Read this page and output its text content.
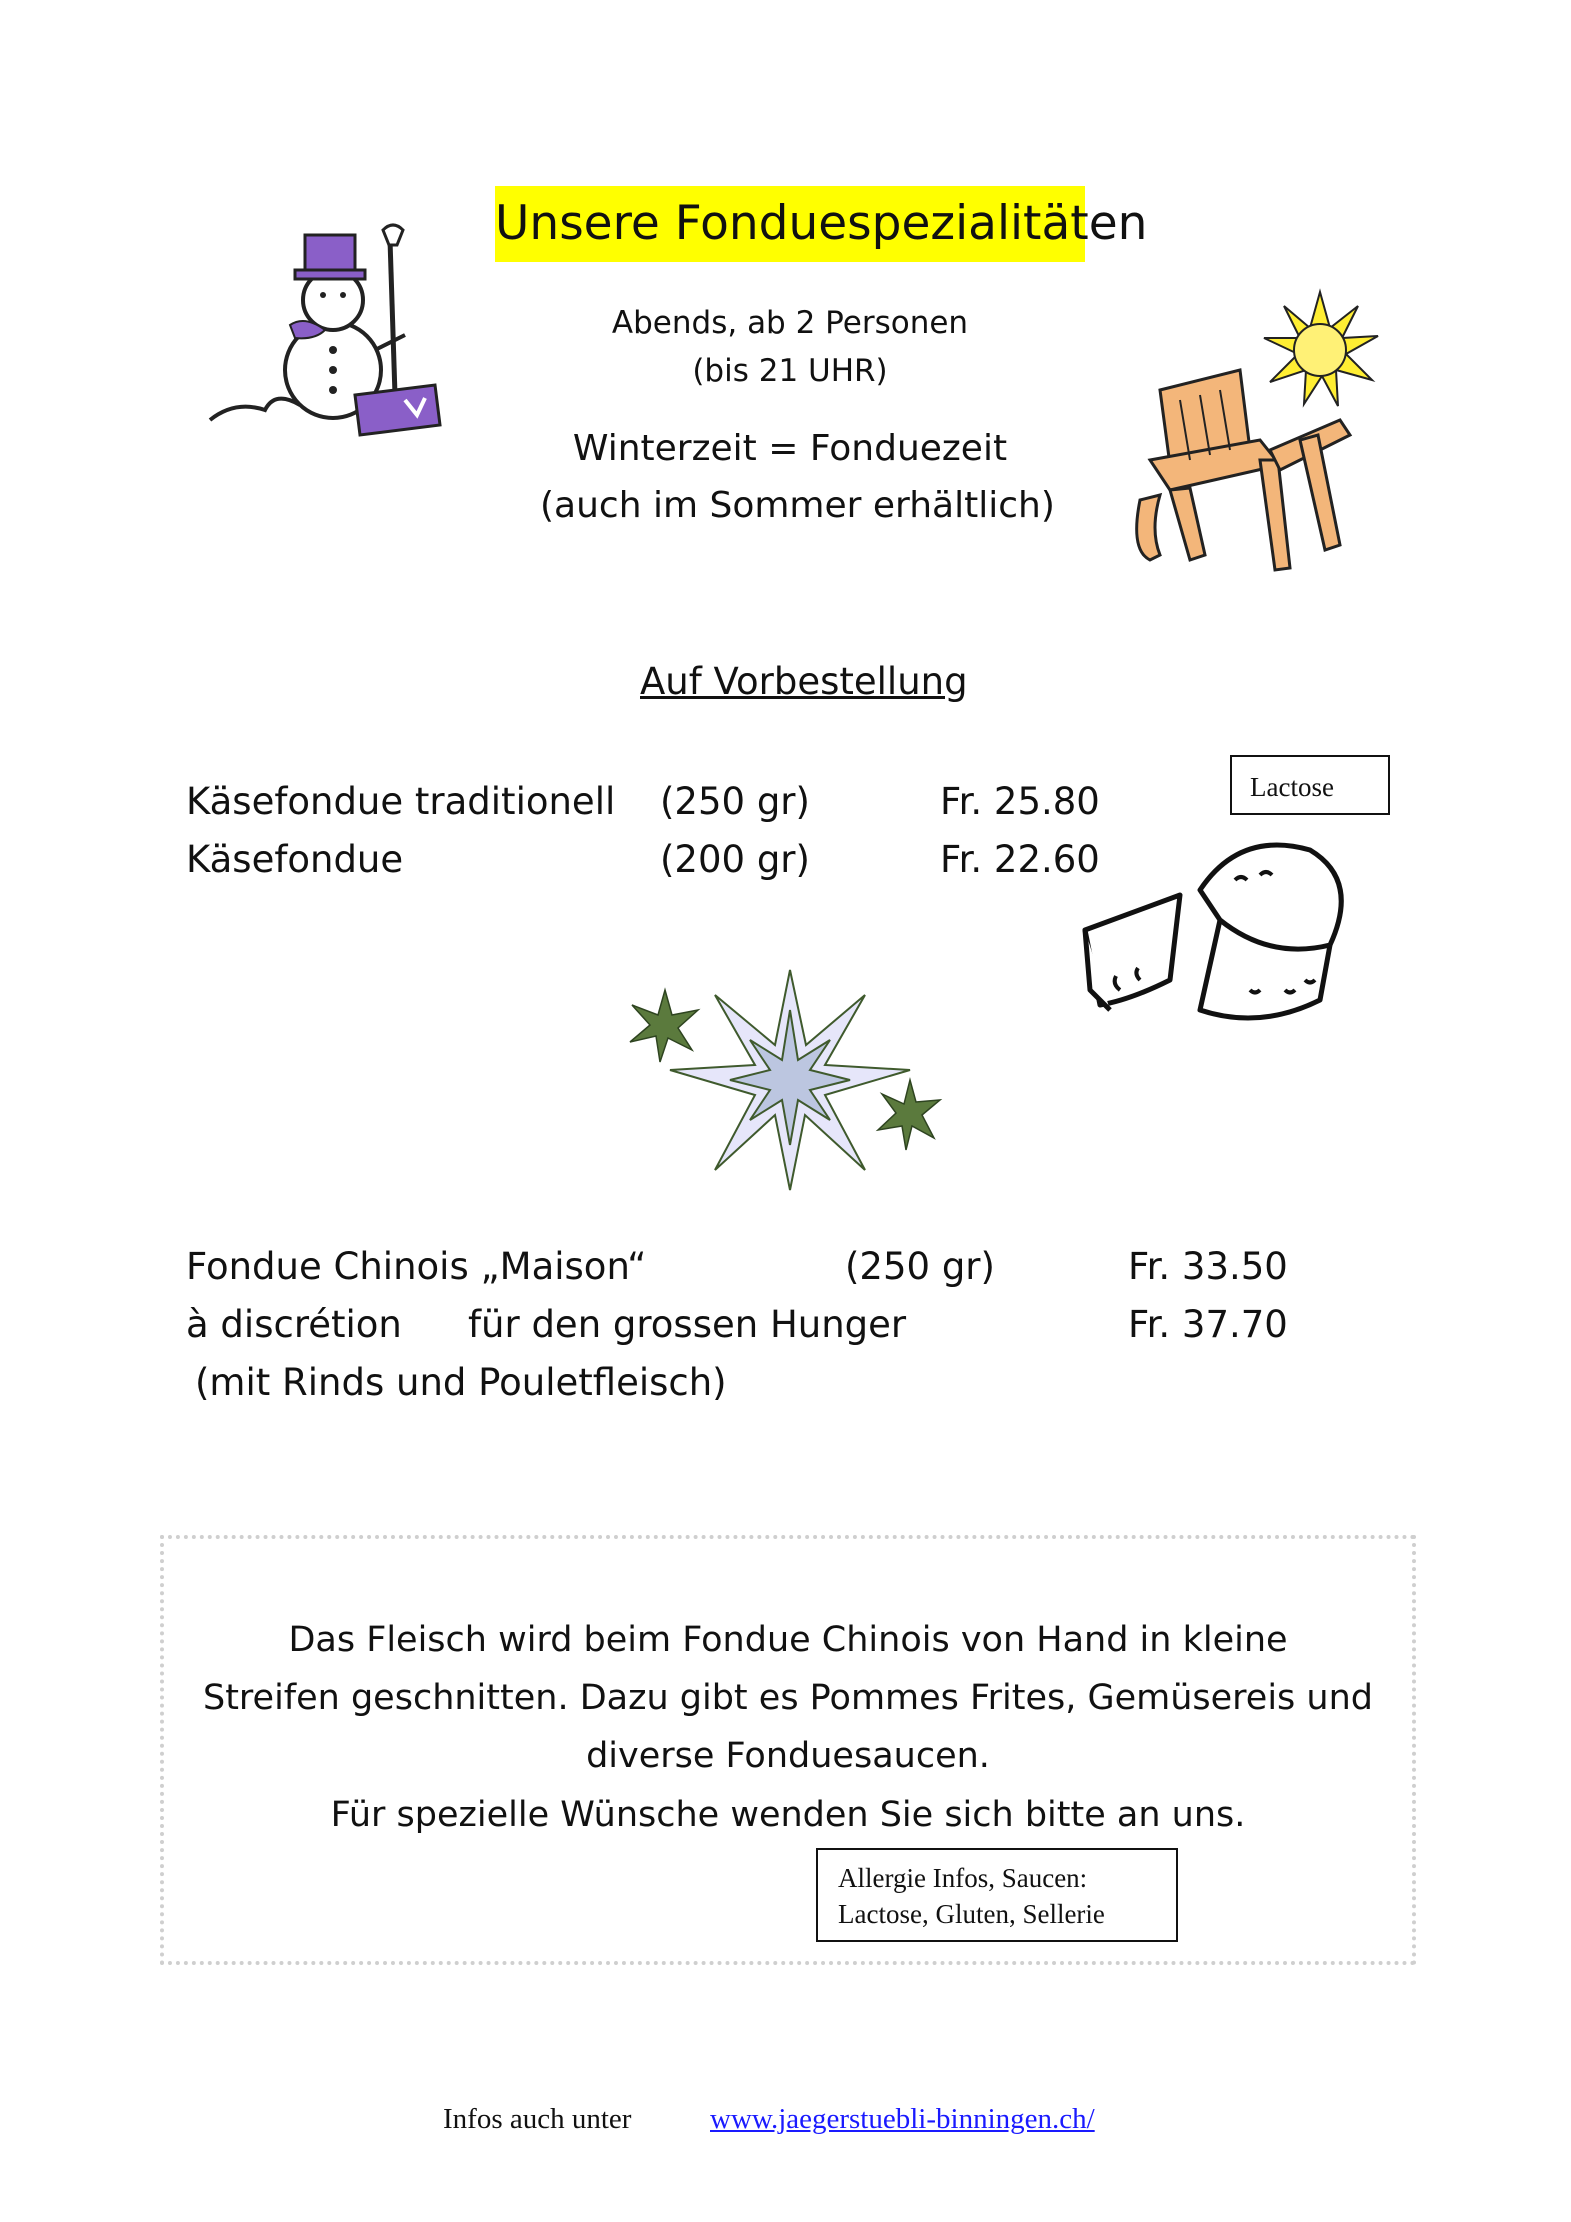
Unsere Fonduespezialitäten
Abends, ab 2 Personen
(bis 21 UHR)
Winterzeit = Fonduezeit
(auch im Sommer erhältlich)
Auf Vorbestellung
Käsefondue traditionell (250 gr)	Fr. 25.80
Käsefondue	(200 gr)	Fr. 22.60
Lactose
Fondue Chinois „Maison“	(250 gr)	Fr. 33.50
à discrétion für den grossen Hunger	Fr. 37.70
(mit Rinds und Pouletfleisch)
Das Fleisch wird beim Fondue Chinois von Hand in kleine
Streifen geschnitten. Dazu gibt es Pommes Frites, Gemüsereis und
diverse Fonduesaucen.
Für spezielle Wünsche wenden Sie sich bitte an uns.
Allergie Infos, Saucen:
Lactose, Gluten, Sellerie
Infos auch unter	www.jaegerstuebli-binningen.ch/
